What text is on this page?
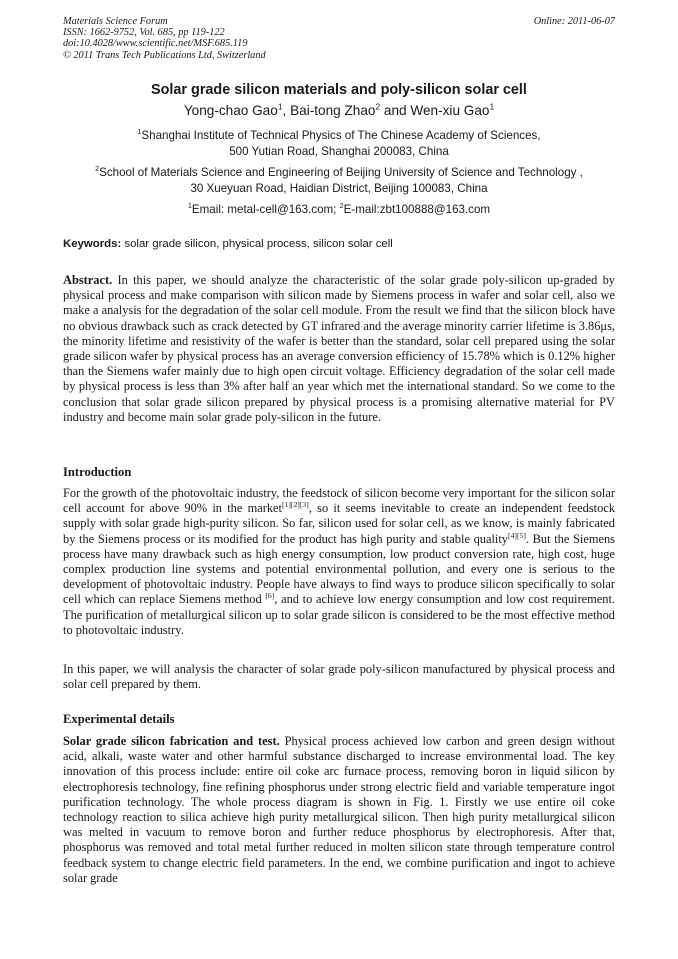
Materials Science Forum
ISSN: 1662-9752, Vol. 685, pp 119-122
doi:10.4028/www.scientific.net/MSF.685.119
© 2011 Trans Tech Publications Ltd, Switzerland
Online: 2011-06-07
Solar grade silicon materials and poly-silicon solar cell
Yong-chao Gao$^1$, Bai-tong Zhao$^2$ and Wen-xiu Gao$^1$
$^1$Shanghai Institute of Technical Physics of The Chinese Academy of Sciences,
500 Yutian Road, Shanghai 200083, China
$^2$School of Materials Science and Engineering of Beijing University of Science and Technology ,
30 Xueyuan Road, Haidian District, Beijing 100083, China
$^1$Email: metal-cell@163.com; $^2$E-mail:zbt100888@163.com
Keywords: solar grade silicon, physical process, silicon solar cell
Abstract. In this paper, we should analyze the characteristic of the solar grade poly-silicon up-graded by physical process and make comparison with silicon made by Siemens process in wafer and solar cell, also we make a analysis for the degradation of the solar cell module. From the result we find that the silicon block have no obvious drawback such as crack detected by GT infrared and the average minority carrier lifetime is 3.86μs, the minority lifetime and resistivity of the wafer is better than the standard, solar cell prepared using the solar grade silicon wafer by physical process has an average conversion efficiency of 15.78% which is 0.12% higher than the Siemens wafer mainly due to high open circuit voltage. Efficiency degradation of the solar cell made by physical process is less than 3% after half an year which met the international standard. So we come to the conclusion that solar grade silicon prepared by physical process is a promising alternative material for PV industry and become main solar grade poly-silicon in the future.
Introduction
For the growth of the photovoltaic industry, the feedstock of silicon become very important for the silicon solar cell account for above 90% in the market[1][2][3], so it seems inevitable to create an independent feedstock supply with solar grade high-purity silicon. So far, silicon used for solar cell, as we know, is mainly fabricated by the Siemens process or its modified for the product has high purity and stable quality[4][5]. But the Siemens process have many drawback such as high energy consumption, low product conversion rate, high cost, huge complex production line systems and potential environmental pollution, and every one is serious to the development of photovoltaic industry. People have always to find ways to produce silicon specifically to solar cell which can replace Siemens method [6], and to achieve low energy consumption and low cost requirement. The purification of metallurgical silicon up to solar grade silicon is considered to be the most effective method to photovoltaic industry.
In this paper, we will analysis the character of solar grade poly-silicon manufactured by physical process and solar cell prepared by them.
Experimental details
Solar grade silicon fabrication and test. Physical process achieved low carbon and green design without acid, alkali, waste water and other harmful substance discharged to increase environmental load. The key innovation of this process include: entire oil coke arc furnace process, removing boron in liquid silicon by electrophoresis technology, fine refining phosphorus under strong electric field and variable temperature ingot purification technology. The whole process diagram is shown in Fig. 1. Firstly we use entire oil coke technology reaction to silica achieve high purity metallurgical silicon. Then high purity metallurgical silicon was melted in vacuum to remove boron and further reduce phosphorus by electrophoresis. After that, phosphorus was removed and total metal further reduced in molten silicon state through temperature control feedback system to change electric field parameters. In the end, we combine purification and ingot to achieve solar grade
